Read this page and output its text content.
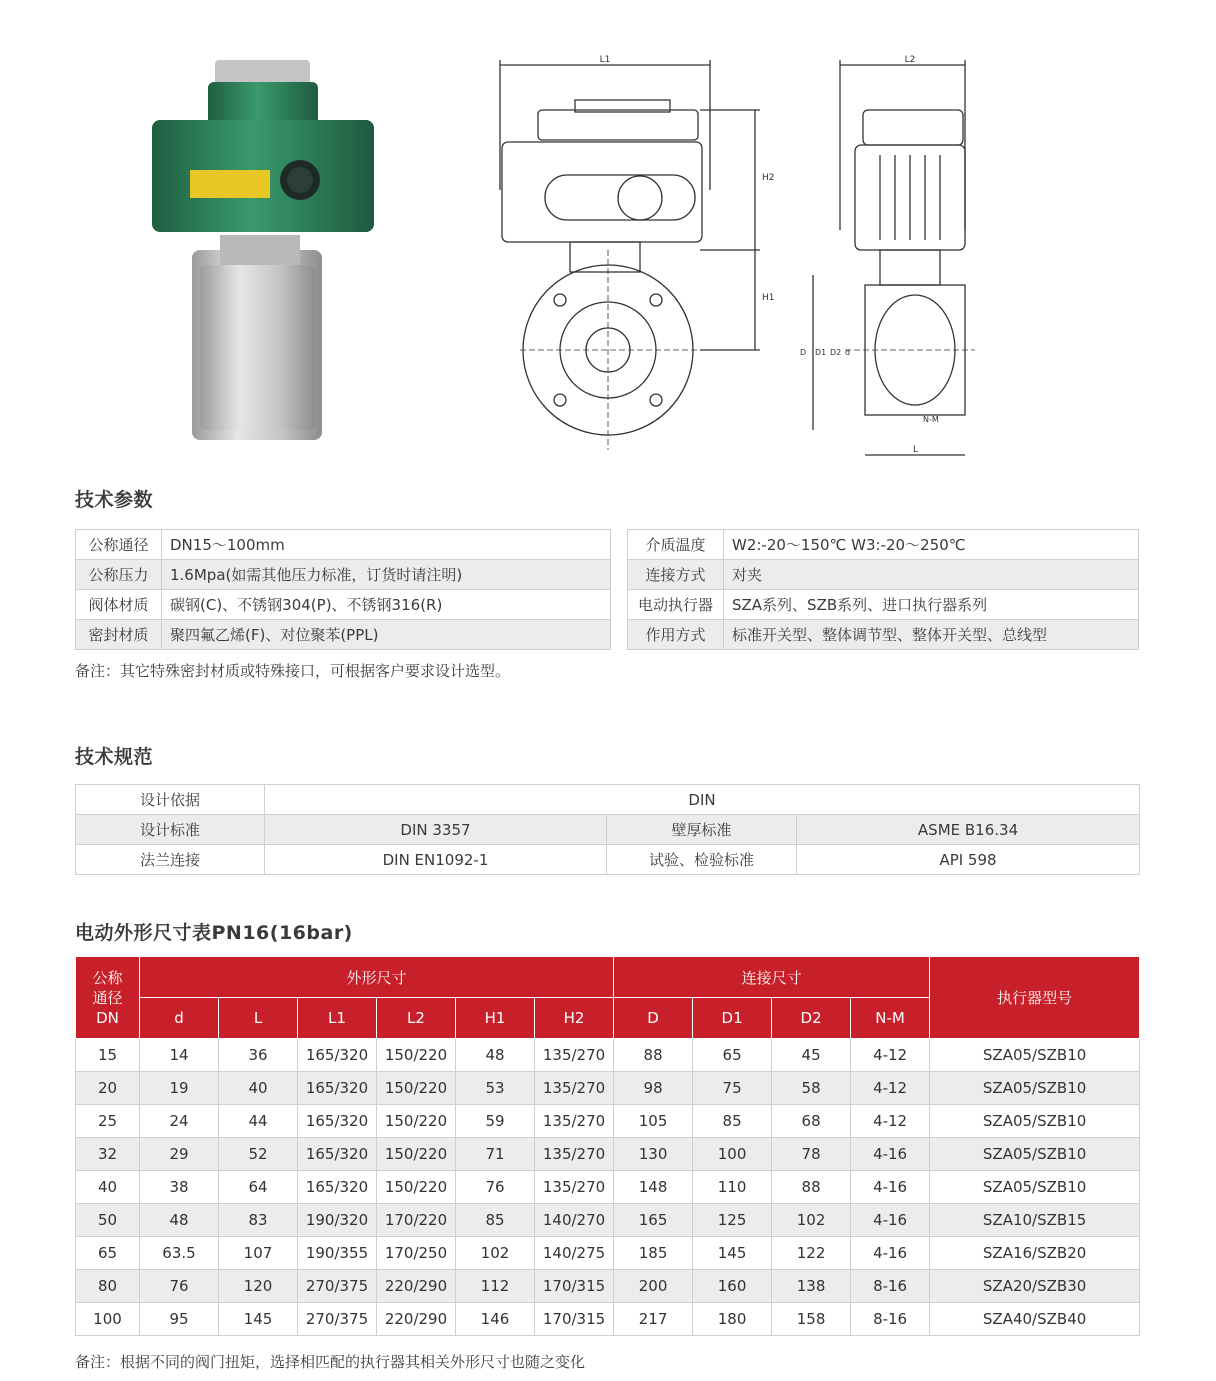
L1
H2
H1
L2
D D1 D2 d
N-M
L
技术参数
公称通径	DN15～100mm
公称压力	1.6Mpa(如需其他压力标准，订货时请注明)
阀体材质	碳钢(C)、不锈钢304(P)、不锈钢316(R)
密封材质	聚四氟乙烯(F)、对位聚苯(PPL)
介质温度	W2:-20～150℃ W3:-20～250℃
连接方式	对夹
电动执行器	SZA系列、SZB系列、进口执行器系列
作用方式	标准开关型、整体调节型、整体开关型、总线型
备注：其它特殊密封材质或特殊接口，可根据客户要求设计选型。
技术规范
设计依据	DIN		
设计标准	DIN 3357	壁厚标准	ASME B16.34
法兰连接	DIN EN1092-1	试验、检验标准	API 598
电动外形尺寸表PN16(16bar)
公称
通径
DN	外形尺寸						连接尺寸				执行器型号
	d	L	L1	L2	H1	H2	D	D1	D2	N-M	
15	14	36	165/320	150/220	48	135/270	88	65	45	4-12	SZA05/SZB10
20	19	40	165/320	150/220	53	135/270	98	75	58	4-12	SZA05/SZB10
25	24	44	165/320	150/220	59	135/270	105	85	68	4-12	SZA05/SZB10
32	29	52	165/320	150/220	71	135/270	130	100	78	4-16	SZA05/SZB10
40	38	64	165/320	150/220	76	135/270	148	110	88	4-16	SZA05/SZB10
50	48	83	190/320	170/220	85	140/270	165	125	102	4-16	SZA10/SZB15
65	63.5	107	190/355	170/250	102	140/275	185	145	122	4-16	SZA16/SZB20
80	76	120	270/375	220/290	112	170/315	200	160	138	8-16	SZA20/SZB30
100	95	145	270/375	220/290	146	170/315	217	180	158	8-16	SZA40/SZB40
备注：根据不同的阀门扭矩，选择相匹配的执行器其相关外形尺寸也随之变化
